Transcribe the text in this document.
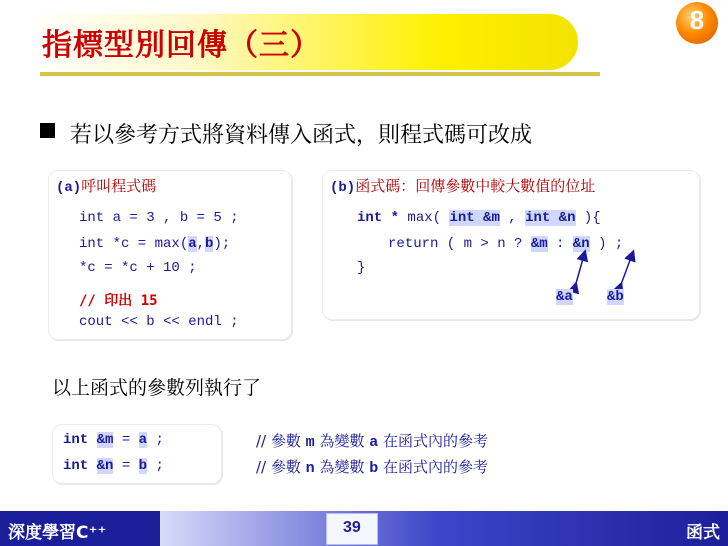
指標型別回傳（三）
8
若以參考方式將資料傳入函式，則程式碼可改成
(a)呼叫程式碼
int a = 3 , b = 5 ;
int *c = max(a,b);
*c = *c + 10 ;
// 印出 15
cout << b << endl ;
(b)函式碼：回傳參數中較大數值的位址
int * max( int &m , int &n ){
return ( m > n ? &m : &n ) ;
}
&a &b
以上函式的參數列執行了
int &m = a ;
int &n = b ;
// 參數 m 為變數 a 在函式內的參考
// 參數 n 為變數 b 在函式內的參考
深度學習C⁺⁺	39	函式
